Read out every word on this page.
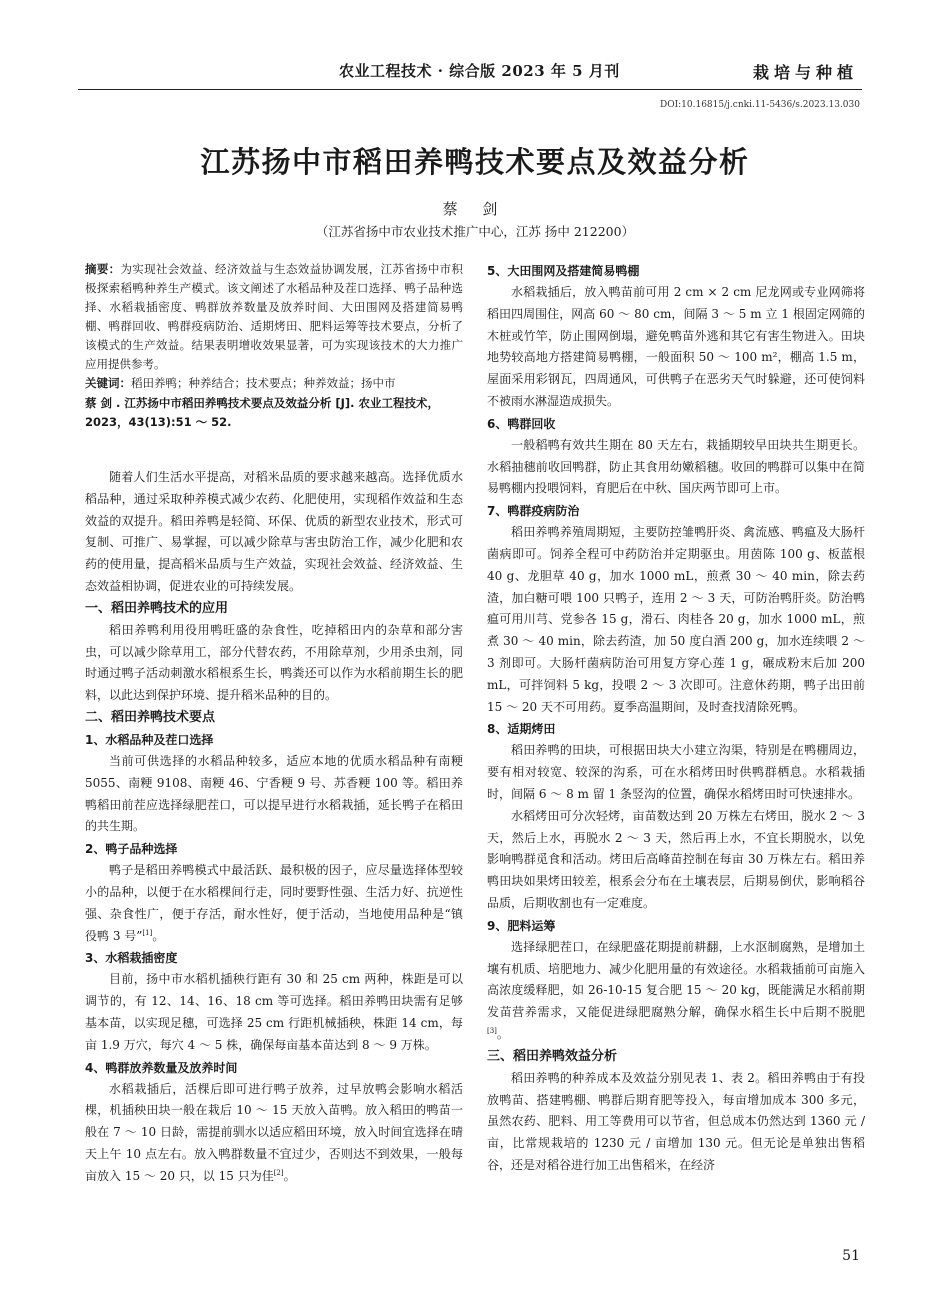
农业工程技术 · 综合版 2023 年 5 月刊	栽培与种植
DOI:10.16815/j.cnki.11-5436/s.2023.13.030
江苏扬中市稻田养鸭技术要点及效益分析
蔡 剑
（江苏省扬中市农业技术推广中心，江苏 扬中 212200）
摘要：为实现社会效益、经济效益与生态效益协调发展，江苏省扬中市积极探索稻鸭种养生产模式。该文阐述了水稻品种及茬口选择、鸭子品种选择、水稻栽插密度、鸭群放养数量及放养时间、大田围网及搭建简易鸭棚、鸭群回收、鸭群疫病防治、适期烤田、肥料运筹等技术要点，分析了该模式的生产效益。结果表明增收效果显著，可为实现该技术的大力推广应用提供参考。
关键词：稻田养鸭；种养结合；技术要点；种养效益；扬中市
蔡 剑 . 江苏扬中市稻田养鸭技术要点及效益分析 [J]. 农业工程技术，2023，43(13):51 ～ 52.

随着人们生活水平提高，对稻米品质的要求越来越高。选择优质水稻品种，通过采取种养模式减少农药、化肥使用，实现稻作效益和生态效益的双提升。稻田养鸭是轻简、环保、优质的新型农业技术，形式可复制、可推广、易掌握，可以减少除草与害虫防治工作，减少化肥和农药的使用量，提高稻米品质与生产效益，实现社会效益、经济效益、生态效益相协调，促进农业的可持续发展。

一、稻田养鸭技术的应用

稻田养鸭利用役用鸭旺盛的杂食性，吃掉稻田内的杂草和部分害虫，可以减少除草用工，部分代替农药，不用除草剂，少用杀虫剂，同时通过鸭子活动刺激水稻根系生长，鸭粪还可以作为水稻前期生长的肥料，以此达到保护环境、提升稻米品种的目的。

二、稻田养鸭技术要点
1、水稻品种及茬口选择

当前可供选择的水稻品种较多，适应本地的优质水稻品种有南粳 5055、南粳 9108、南粳 46、宁香粳 9 号、苏香粳 100 等。稻田养鸭稻田前茬应选择绿肥茬口，可以提早进行水稻栽插，延长鸭子在稻田的共生期。

2、鸭子品种选择

鸭子是稻田养鸭模式中最活跃、最积极的因子，应尽量选择体型较小的品种，以便于在水稻棵间行走，同时要野性强、生活力好、抗逆性强、杂食性广，便于存活，耐水性好，便于活动，当地使用品种是“镇役鸭 3 号”[1]。

3、水稻栽插密度

目前，扬中市水稻机插秧行距有 30 和 25 cm 两种，株距是可以调节的，有 12、14、16、18 cm 等可选择。稻田养鸭田块需有足够基本苗，以实现足穗，可选择 25 cm 行距机械插秧，株距 14 cm，每亩 1.9 万穴，每穴 4 ～ 5 株，确保每亩基本苗达到 8 ～ 9 万株。

4、鸭群放养数量及放养时间

水稻栽插后，活棵后即可进行鸭子放养，过早放鸭会影响水稻活棵，机插秧田块一般在栽后 10 ～ 15 天放入苗鸭。放入稻田的鸭苗一般在 7 ～ 10 日龄，需提前驯水以适应稻田环境，放入时间宜选择在晴天上午 10 点左右。放入鸭群数量不宜过少，否则达不到效果，一般每亩放入 15 ～ 20 只，以 15 只为佳[2]。

5、大田围网及搭建简易鸭棚

水稻栽插后，放入鸭苗前可用 2 cm × 2 cm 尼龙网或专业网筛将稻田四周围住，网高 60 ～ 80 cm，间隔 3 ～ 5 m 立 1 根固定网筛的木桩或竹竿，防止围网倒塌，避免鸭苗外逃和其它有害生物进入。田块地势较高地方搭建简易鸭棚，一般面积 50 ～ 100 m²，棚高 1.5 m，屋面采用彩钢瓦，四周通风，可供鸭子在恶劣天气时躲避，还可使饲料不被雨水淋湿造成损失。

6、鸭群回收

一般稻鸭有效共生期在 80 天左右，栽插期较早田块共生期更长。水稻抽穗前收回鸭群，防止其食用幼嫩稻穗。收回的鸭群可以集中在简易鸭棚内投喂饲料，育肥后在中秋、国庆两节即可上市。

7、鸭群疫病防治

稻田养鸭养殖周期短，主要防控雏鸭肝炎、禽流感、鸭瘟及大肠杆菌病即可。饲养全程可中药防治并定期驱虫。用茵陈 100 g、板蓝根 40 g、龙胆草 40 g，加水 1000 mL，煎煮 30 ～ 40 min，除去药渣，加白糖可喂 100 只鸭子，连用 2 ～ 3 天，可防治鸭肝炎。防治鸭瘟可用川芎、党参各 15 g，滑石、肉桂各 20 g，加水 1000 mL，煎煮 30 ～ 40 min，除去药渣，加 50 度白酒 200 g，加水连续喂 2 ～ 3 剂即可。大肠杆菌病防治可用复方穿心莲 1 g，碾成粉末后加 200 mL，可拌饲料 5 kg，投喂 2 ～ 3 次即可。注意休药期，鸭子出田前 15 ～ 20 天不可用药。夏季高温期间，及时查找清除死鸭。

8、适期烤田

稻田养鸭的田块，可根据田块大小建立沟渠，特别是在鸭棚周边，要有相对较宽、较深的沟系，可在水稻烤田时供鸭群栖息。水稻栽插时，间隔 6 ～ 8 m 留 1 条竖沟的位置，确保水稻烤田时可快速排水。

水稻烤田可分次轻烤，亩苗数达到 20 万株左右烤田，脱水 2 ～ 3 天，然后上水，再脱水 2 ～ 3 天，然后再上水，不宜长期脱水，以免影响鸭群觅食和活动。烤田后高峰苗控制在每亩 30 万株左右。稻田养鸭田块如果烤田较差，根系会分布在土壤表层，后期易倒伏，影响稻谷品质，后期收割也有一定难度。

9、肥料运筹

选择绿肥茬口，在绿肥盛花期提前耕翻，上水沤制腐熟，是增加土壤有机质、培肥地力、减少化肥用量的有效途径。水稻栽插前可亩施入高浓度缓释肥，如 26-10-15 复合肥 15 ～ 20 kg，既能满足水稻前期发苗营养需求，又能促进绿肥腐熟分解，确保水稻生长中后期不脱肥[3]。

三、稻田养鸭效益分析

稻田养鸭的种养成本及效益分别见表 1、表 2。稻田养鸭由于有投放鸭苗、搭建鸭棚、鸭群后期育肥等投入，每亩增加成本 300 多元，虽然农药、肥料、用工等费用可以节省，但总成本仍然达到 1360 元 / 亩，比常规栽培的 1230 元 / 亩增加 130 元。但无论是单独出售稻谷，还是对稻谷进行加工出售稻米，在经济

51
